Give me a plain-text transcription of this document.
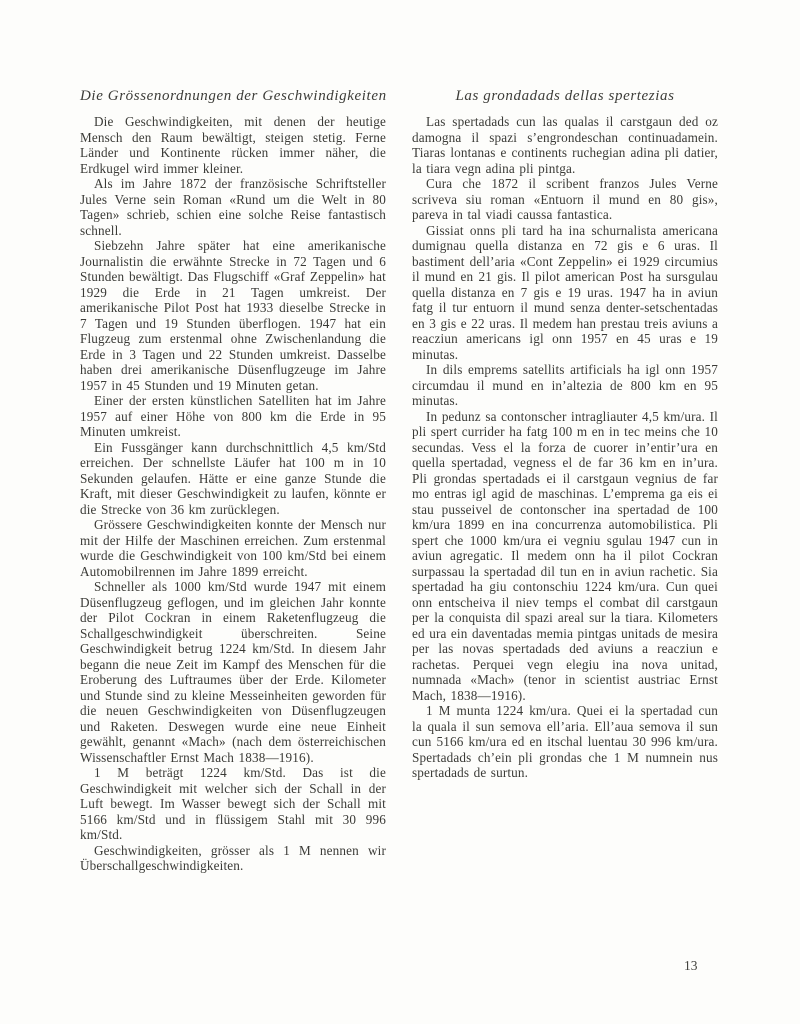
Die Grössenordnungen der Geschwindigkeiten

Die Geschwindigkeiten, mit denen der heutige Mensch den Raum bewältigt, steigen stetig. Ferne Länder und Kontinente rücken immer näher, die Erdkugel wird immer kleiner.

Als im Jahre 1872 der französische Schriftsteller Jules Verne sein Roman «Rund um die Welt in 80 Tagen» schrieb, schien eine solche Reise fantastisch schnell.

Siebzehn Jahre später hat eine amerikanische Journalistin die erwähnte Strecke in 72 Tagen und 6 Stunden bewältigt. Das Flugschiff «Graf Zeppelin» hat 1929 die Erde in 21 Tagen umkreist. Der amerikanische Pilot Post hat 1933 dieselbe Strecke in 7 Tagen und 19 Stunden überflogen. 1947 hat ein Flugzeug zum erstenmal ohne Zwischenlandung die Erde in 3 Tagen und 22 Stunden umkreist. Dasselbe haben drei amerikanische Düsenflugzeuge im Jahre 1957 in 45 Stunden und 19 Minuten getan.

Einer der ersten künstlichen Satelliten hat im Jahre 1957 auf einer Höhe von 800 km die Erde in 95 Minuten umkreist.

Ein Fussgänger kann durchschnittlich 4,5 km/Std erreichen. Der schnellste Läufer hat 100 m in 10 Sekunden gelaufen. Hätte er eine ganze Stunde die Kraft, mit dieser Geschwindigkeit zu laufen, könnte er die Strecke von 36 km zurücklegen.

Grössere Geschwindigkeiten konnte der Mensch nur mit der Hilfe der Maschinen erreichen. Zum erstenmal wurde die Geschwindigkeit von 100 km/Std bei einem Automobilrennen im Jahre 1899 erreicht.

Schneller als 1000 km/Std wurde 1947 mit einem Düsenflugzeug geflogen, und im gleichen Jahr konnte der Pilot Cockran in einem Raketenflugzeug die Schallgeschwindigkeit überschreiten. Seine Geschwindigkeit betrug 1224 km/Std. In diesem Jahr begann die neue Zeit im Kampf des Menschen für die Eroberung des Luftraumes über der Erde. Kilometer und Stunde sind zu kleine Messeinheiten geworden für die neuen Geschwindigkeiten von Düsenflugzeugen und Raketen. Deswegen wurde eine neue Einheit gewählt, genannt «Mach» (nach dem österreichischen Wissenschaftler Ernst Mach 1838—1916).

1 M beträgt 1224 km/Std. Das ist die Geschwindigkeit mit welcher sich der Schall in der Luft bewegt. Im Wasser bewegt sich der Schall mit 5166 km/Std und in flüssigem Stahl mit 30 996 km/Std.

Geschwindigkeiten, grösser als 1 M nennen wir Überschallgeschwindigkeiten.

Las grondadads dellas spertezias

Las spertadads cun las qualas il carstgaun ded oz damogna il spazi s’engrondeschan continuadamein. Tiaras lontanas e continents ruchegian adina pli datier, la tiara vegn adina pli pintga.

Cura che 1872 il scribent franzos Jules Verne scriveva siu roman «Entuorn il mund en 80 gis», pareva in tal viadi caussa fantastica.

Gissiat onns pli tard ha ina schurnalista americana dumignau quella distanza en 72 gis e 6 uras. Il bastiment dell’aria «Cont Zeppelin» ei 1929 circumius il mund en 21 gis. Il pilot american Post ha sursgulau quella distanza en 7 gis e 19 uras. 1947 ha in aviun fatg il tur entuorn il mund senza denter-setschentadas en 3 gis e 22 uras. Il medem han prestau treis aviuns a reacziun americans igl onn 1957 en 45 uras e 19 minutas.

In dils emprems satellits artificials ha igl onn 1957 circumdau il mund en in’altezia de 800 km en 95 minutas.

In pedunz sa contonscher intragliauter 4,5 km/ura. Il pli spert currider ha fatg 100 m en in tec meins che 10 secundas. Vess el la forza de cuorer in’entir’ura en quella spertadad, vegness el de far 36 km en in’ura. Pli grondas spertadads ei il carstgaun vegnius de far mo entras igl agid de maschinas. L’emprema ga eis ei stau pusseivel de contonscher ina spertadad de 100 km/ura 1899 en ina concurrenza automobilistica. Pli spert che 1000 km/ura ei vegniu sgulau 1947 cun in aviun agregatic. Il medem onn ha il pilot Cockran surpassau la spertadad dil tun en in aviun rachetic. Sia spertadad ha giu contonschiu 1224 km/ura. Cun quei onn entscheiva il niev temps el combat dil carstgaun per la conquista dil spazi areal sur la tiara. Kilometers ed ura ein daventadas memia pintgas unitads de mesira per las novas spertadads ded aviuns a reacziun e rachetas. Perquei vegn elegiu ina nova unitad, numnada «Mach» (tenor in scientist austriac Ernst Mach, 1838—1916).

1 M munta 1224 km/ura. Quei ei la spertadad cun la quala il sun semova ell’aria. Ell’aua semova il sun cun 5166 km/ura ed en itschal luentau 30 996 km/ura. Spertadads ch’ein pli grondas che 1 M numnein nus spertadads de surtun.

13
